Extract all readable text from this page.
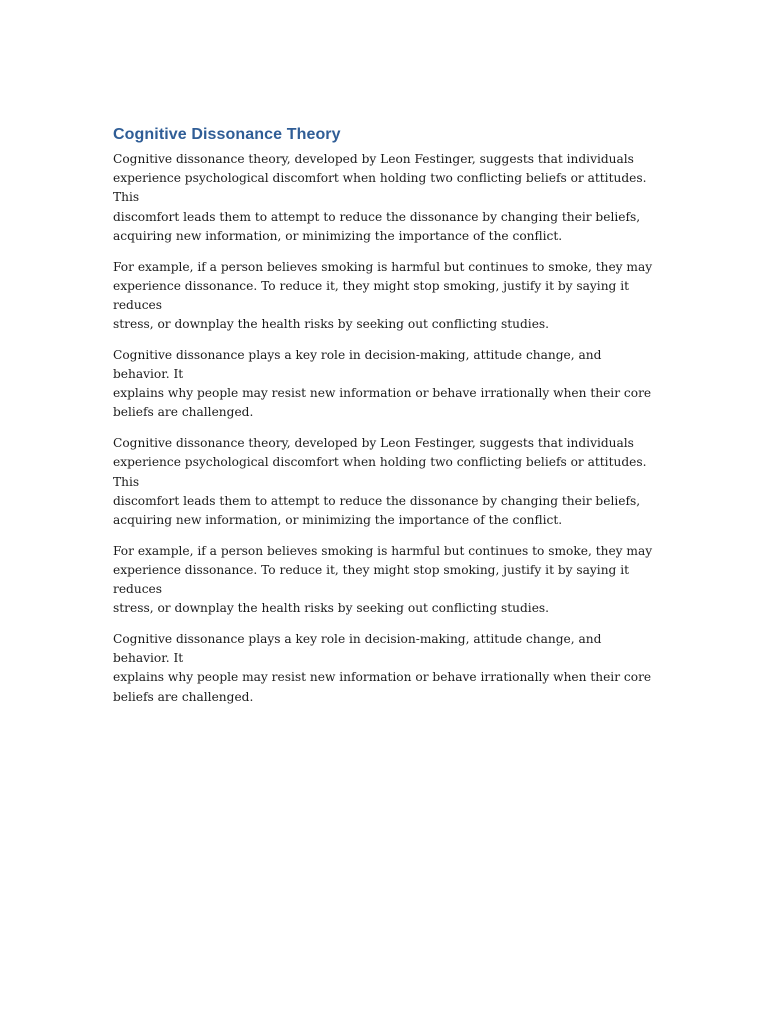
Cognitive Dissonance Theory

Cognitive dissonance theory, developed by Leon Festinger, suggests that individuals
experience psychological discomfort when holding two conflicting beliefs or attitudes. This
discomfort leads them to attempt to reduce the dissonance by changing their beliefs,
acquiring new information, or minimizing the importance of the conflict.

For example, if a person believes smoking is harmful but continues to smoke, they may
experience dissonance. To reduce it, they might stop smoking, justify it by saying it reduces
stress, or downplay the health risks by seeking out conflicting studies.

Cognitive dissonance plays a key role in decision-making, attitude change, and behavior. It
explains why people may resist new information or behave irrationally when their core
beliefs are challenged.

Cognitive dissonance theory, developed by Leon Festinger, suggests that individuals
experience psychological discomfort when holding two conflicting beliefs or attitudes. This
discomfort leads them to attempt to reduce the dissonance by changing their beliefs,
acquiring new information, or minimizing the importance of the conflict.

For example, if a person believes smoking is harmful but continues to smoke, they may
experience dissonance. To reduce it, they might stop smoking, justify it by saying it reduces
stress, or downplay the health risks by seeking out conflicting studies.

Cognitive dissonance plays a key role in decision-making, attitude change, and behavior. It
explains why people may resist new information or behave irrationally when their core
beliefs are challenged.
